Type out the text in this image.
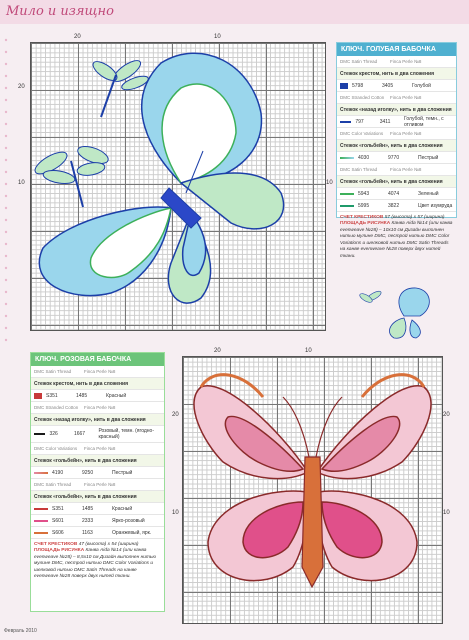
Мило и изящно
20	10
20
10	10
КЛЮЧ. ГОЛУБАЯ БАБОЧКА
DMC Satin Thread	Finca Perle №8
Стежок крестом, нить в два сложения
5798	3405	Голубой
DMC Stranded Cotton	Finca Perle №8
Стежок «назад иголку», нить в два сложения
797	3411	Голубой, темн., с отливом
DMC Color Variations	Finca Perle №8
Стежок «гольбейн», нить в два сложения
4030	9770	Пестрый
DMC Satin Thread	Finca Perle №8
Стежок «гольбейн», нить в два сложения
5943	4074	Зеленый
5995	3822	Цвет изумруда
СЧЕТ КРЕСТИКОВ 57 (высота) х 57 (ширина)
ПЛОЩАДЬ РИСУНКА Канва Aida №14 (или канва evenweave №28) – 10х10 см Дизайн выполнен нитью мулине DMC, пестрой нитью DMC Color Variations и шелковой нитью DMC Satin Threads на канве evenweave №28 поверх двух нитей ткани.
КЛЮЧ. РОЗОВАЯ БАБОЧКА
DMC Satin Thread	Finca Perle №8
Стежок крестом, нить в два сложения
S351	1485	Красный
DMC Stranded Cotton	Finca Perle №8
Стежок «назад иголку», нить в два сложения
326	1667	Розовый, темн. (ягодно-красный)
DMC Color Variations	Finca Perle №8
Стежок «гольбейн», нить в два сложения
4190	9250	Пестрый
DMC Satin Thread	Finca Perle №8
Стежок «гольбейн», нить в два сложения
S351	1485	Красный
S601	2333	Ярко-розовый
S606	1163	Оранжевый, ярк.
СЧЕТ КРЕСТИКОВ 47 (высота) х 54 (ширина)
ПЛОЩАДЬ РИСУНКА Канва Aida №14 (или канва evenweave №28) – 8,5х10 см Дизайн выполнен нитью мулине DMC, пестрой нитью DMC Color Variations и шелковой нитью DMC Satin Threads на канве evenweave №28 поверх двух нитей ткани.
20	10
20
10
20
10
Февраль 2010
